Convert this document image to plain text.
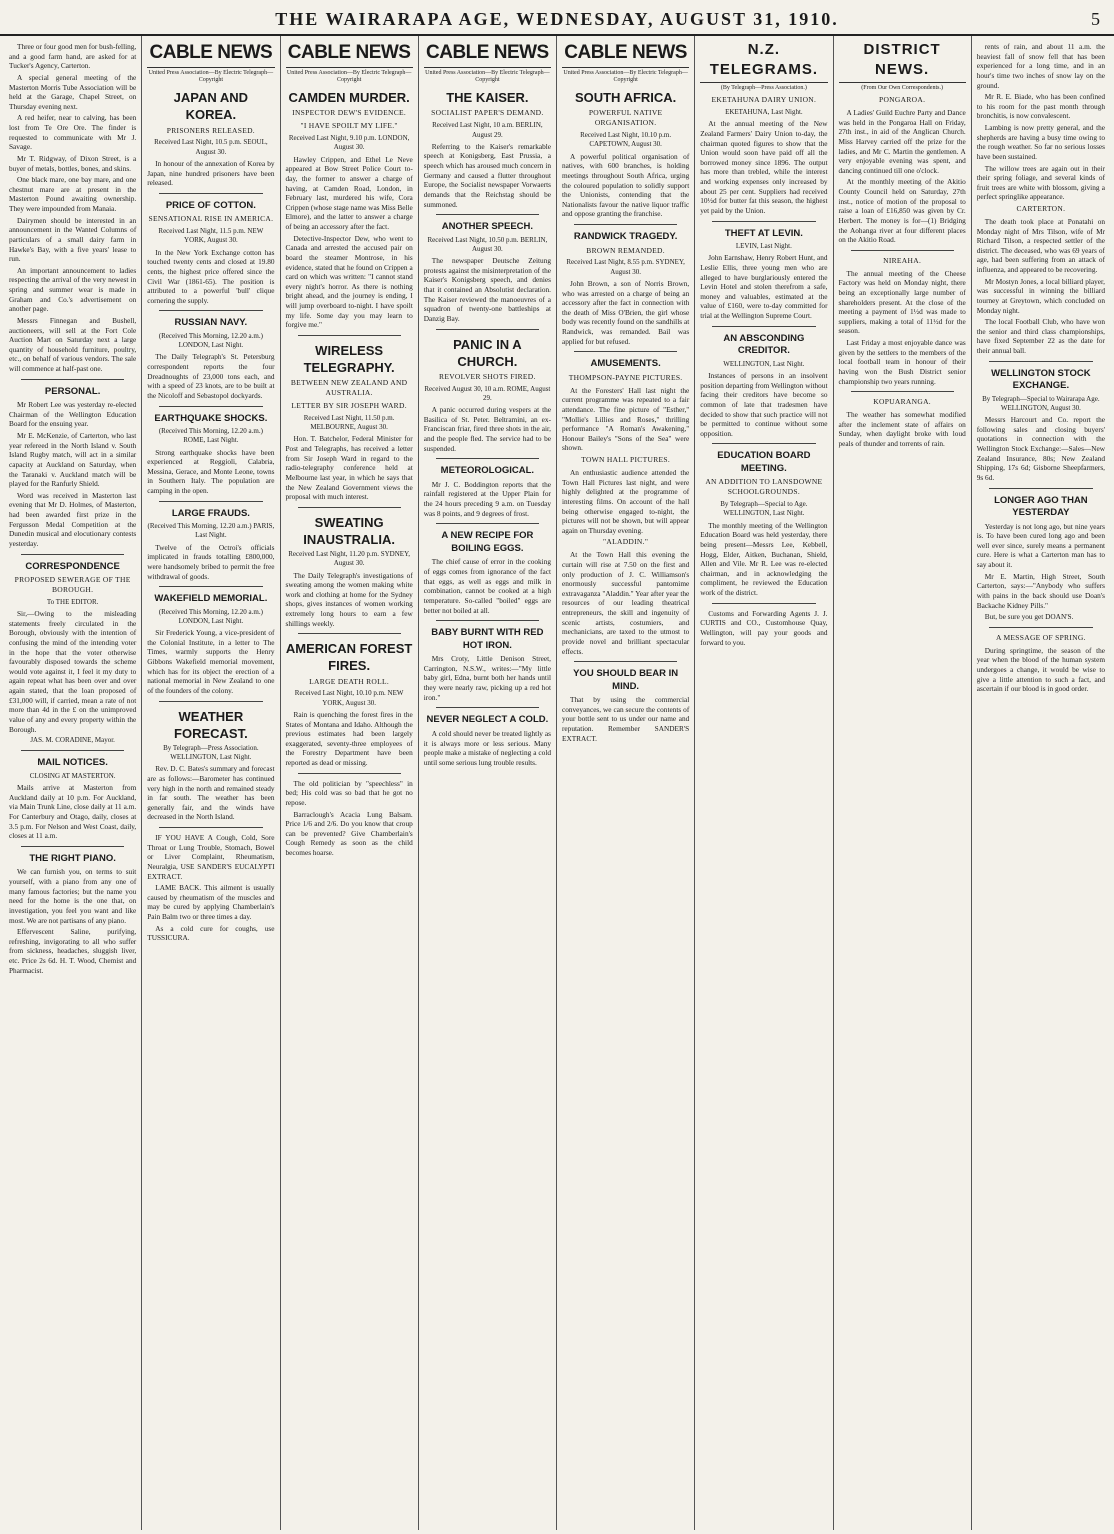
THE WAIRARAPA AGE, WEDNESDAY, AUGUST 31, 1910.	5

Three or four good men for bush-felling, and a good farm hand, are asked for at Tucker's Agency, Carterton.

A special general meeting of the Masterton Morris Tube Association will be held at the Garage, Chapel Street, on Thursday evening next.

A red heifer, near to calving, has been lost from Te Ore Ore. The finder is requested to communicate with Mr J. Savage.

Mr T. Ridgway, of Dixon Street, is a buyer of metals, bottles, bones, and skins.

One black mare, one bay mare, and one chestnut mare are at present in the Masterton Pound awaiting ownership. They were impounded from Manaia.

Dairymen should be interested in an announcement in the Wanted Columns of particulars of a small dairy farm in Hawke's Bay, with a five years' lease to run.

An important announcement to ladies respecting the arrival of the very newest in spring and summer wear is made in Graham and Co.'s advertisement on another page.

Messrs Finnegan and Bushell, auctioneers, will sell at the Fort Cole Auction Mart on Saturday next a large quantity of household furniture, poultry, etc., on behalf of various vendors. The sale will commence at half-past one.

PERSONAL.

Mr Robert Lee was yesterday re-elected Chairman of the Wellington Education Board for the ensuing year.

Mr E. McKenzie, of Carterton, who last year refereed in the North Island v. South Island Rugby match, will act in a similar capacity at Auckland on Saturday, when the Taranaki v. Auckland match will be played for the Ranfurly Shield.

Word was received in Masterton last evening that Mr D. Holmes, of Masterton, had been awarded first prize in the Fergusson Medal Competition at the Dunedin musical and elocutionary contests yesterday.

CORRESPONDENCE
PROPOSED SEWERAGE OF THE BOROUGH.
To THE EDITOR.

Sir,—Owing to the misleading statements freely circulated in the Borough, obviously with the intention of confusing the mind of the intending voter in the hope that the voter otherwise favourably disposed towards the scheme would vote against it, I feel it my duty to again repeat what has been over and over again stated, that the loan proposed of £31,000 will, if carried, mean a rate of not more than 4d in the £ on the unimproved value of any and every property within the Borough.

JAS. M. CORADINE, Mayor.
MAIL NOTICES.
CLOSING AT MASTERTON.

Mails arrive at Masterton from Auckland daily at 10 p.m. For Auckland, via Main Trunk Line, close daily at 11 a.m. For Canterbury and Otago, daily, closes at 3.5 p.m. For Nelson and West Coast, daily, closes at 11 a.m.

THE RIGHT PIANO.

We can furnish you, on terms to suit yourself, with a piano from any one of many famous factories; but the name you need for the home is the one that, on investigation, you feel you want and like most. We are not partisans of any piano.

Effervescent Saline, purifying, refreshing, invigorating to all who suffer from sickness, headaches, sluggish liver, etc. Price 2s 6d. H. T. Wood, Chemist and Pharmacist.

CABLE NEWS
United Press Association—By Electric Telegraph—Copyright
JAPAN AND KOREA.
PRISONERS RELEASED.
Received Last Night, 10.5 p.m. SEOUL, August 30.

In honour of the annexation of Korea by Japan, nine hundred prisoners have been released.

PRICE OF COTTON.
SENSATIONAL RISE IN AMERICA.
Received Last Night, 11.5 p.m. NEW YORK, August 30.

In the New York Exchange cotton has touched twenty cents and closed at 19.80 cents, the highest price offered since the Civil War (1861-65). The position is attributed to a powerful 'bull' clique cornering the supply.

RUSSIAN NAVY.
(Received This Morning, 12.20 a.m.) LONDON, Last Night.

The Daily Telegraph's St. Petersburg correspondent reports the four Dreadnoughts of 23,000 tons each, and with a speed of 23 knots, are to be built at the Nicoloff and Sebastopol dockyards.

EARTHQUAKE SHOCKS.
(Received This Morning, 12.20 a.m.) ROME, Last Night.

Strong earthquake shocks have been experienced at Reggioli, Calabria, Messina, Gerace, and Monte Leone, towns in Southern Italy. The population are camping in the open.

LARGE FRAUDS.
(Received This Morning, 12.20 a.m.) PARIS, Last Night.

Twelve of the Octroi's officials implicated in frauds totalling £800,000, were handsomely bribed to permit the free withdrawal of goods.

WAKEFIELD MEMORIAL.
(Received This Morning, 12.20 a.m.) LONDON, Last Night.

Sir Frederick Young, a vice-president of the Colonial Institute, in a letter to The Times, warmly supports the Henry Gibbons Wakefield memorial movement, which has for its object the erection of a national memorial in New Zealand to one of the founders of the colony.

WEATHER FORECAST.
By Telegraph—Press Association. WELLINGTON, Last Night.

Rev. D. C. Bates's summary and forecast are as follows:—Barometer has continued very high in the north and remained steady in far south. The weather has been generally fair, and the winds have decreased in the North Island.

IF YOU HAVE A Cough, Cold, Sore Throat or Lung Trouble, Stomach, Bowel or Liver Complaint, Rheumatism, Neuralgia, USE SANDER'S EUCALYPTI EXTRACT.

LAME BACK. This ailment is usually caused by rheumatism of the muscles and may be cured by applying Chamberlain's Pain Balm two or three times a day.

As a cold cure for coughs, use TUSSICURA.

CABLE NEWS
United Press Association—By Electric Telegraph—Copyright
CAMDEN MURDER.
INSPECTOR DEW'S EVIDENCE.
"I HAVE SPOILT MY LIFE."
Received Last Night, 9.10 p.m. LONDON, August 30.

Hawley Crippen, and Ethel Le Neve appeared at Bow Street Police Court to-day, the former to answer a charge of having, at Camden Road, London, in February last, murdered his wife, Cora Crippen (whose stage name was Miss Belle Elmore), and the latter to answer a charge of being an accessory after the fact.

Detective-Inspector Dew, who went to Canada and arrested the accused pair on board the steamer Montrose, in his evidence, stated that he found on Crippen a card on which was written: "I cannot stand every night's horror. As there is nothing bright ahead, and the journey is ending, I will jump overboard to-night. I have spoilt my life. Some day you may learn to forgive me."

WIRELESS TELEGRAPHY.
BETWEEN NEW ZEALAND AND AUSTRALIA.
LETTER BY SIR JOSEPH WARD.
Received Last Night, 11.50 p.m. MELBOURNE, August 30.

Hon. T. Batchelor, Federal Minister for Post and Telegraphs, has received a letter from Sir Joseph Ward in regard to the radio-telegraphy conference held at Melbourne last year, in which he says that the New Zealand Government views the proposal with much interest.

SWEATING INAUSTRALIA.
Received Last Night, 11.20 p.m. SYDNEY, August 30.

The Daily Telegraph's investigations of sweating among the women making white work and clothing at home for the Sydney shops, gives instances of women working extremely long hours to earn a few shillings weekly.

AMERICAN FOREST FIRES.
LARGE DEATH ROLL.
Received Last Night, 10.10 p.m. NEW YORK, August 30.

Rain is quenching the forest fires in the States of Montana and Idaho. Although the previous estimates had been largely exaggerated, seventy-three employees of the Forestry Department have been reported as dead or missing.

The old politician by "speechless" in bed; His cold was so bad that he got no repose.

Barraclough's Acacia Lung Balsam. Price 1/6 and 2/6. Do you know that croup can be prevented? Give Chamberlain's Cough Remedy as soon as the child becomes hoarse.

CABLE NEWS
United Press Association—By Electric Telegraph—Copyright
THE KAISER.
SOCIALIST PAPER'S DEMAND.
Received Last Night, 10 a.m. BERLIN, August 29.

Referring to the Kaiser's remarkable speech at Konigsberg, East Prussia, a speech which has aroused much concern in Germany and caused a flutter throughout Europe, the Socialist newspaper Vorwaerts demands that the Reichstag should be summoned.

ANOTHER SPEECH.
Received Last Night, 10.50 p.m. BERLIN, August 30.

The newspaper Deutsche Zeitung protests against the misinterpretation of the Kaiser's Konigsberg speech, and denies that it contained an Absolutist declaration. The Kaiser reviewed the manoeuvres of a squadron of twenty-one battleships at Danzig Bay.

PANIC IN A CHURCH.
REVOLVER SHOTS FIRED.
Received August 30, 10 a.m. ROME, August 29.

A panic occurred during vespers at the Basilica of St. Peter. Beltramini, an ex-Franciscan friar, fired three shots in the air, and the people fled. The service had to be suspended.

METEOROLOGICAL.

Mr J. C. Boddington reports that the rainfall registered at the Upper Plain for the 24 hours preceding 9 a.m. on Tuesday was 8 points, and 9 degrees of frost.

A NEW RECIPE FOR BOILING EGGS.

The chief cause of error in the cooking of eggs comes from ignorance of the fact that eggs, as well as eggs and milk in combination, cannot be cooked at a high temperature. So-called "boiled" eggs are better not boiled at all.

BABY BURNT WITH RED HOT IRON.

Mrs Croty, Little Denison Street, Carrington, N.S.W., writes:—"My little baby girl, Edna, burnt both her hands until they were nearly raw, picking up a red hot iron."

NEVER NEGLECT A COLD.

A cold should never be treated lightly as it is always more or less serious. Many people make a mistake of neglecting a cold until some serious lung trouble results.

CABLE NEWS
United Press Association—By Electric Telegraph—Copyright
SOUTH AFRICA.
POWERFUL NATIVE ORGANISATION.
Received Last Night, 10.10 p.m. CAPETOWN, August 30.

A powerful political organisation of natives, with 600 branches, is holding meetings throughout South Africa, urging the coloured population to solidly support the Unionists, contending that the Nationalists favour the native liquor traffic and oppose granting the franchise.

RANDWICK TRAGEDY.
BROWN REMANDED.
Received Last Night, 8.55 p.m. SYDNEY, August 30.

John Brown, a son of Norris Brown, who was arrested on a charge of being an accessory after the fact in connection with the death of Miss O'Brien, the girl whose body was recently found on the sandhills at Randwick, was remanded. Bail was applied for but refused.

AMUSEMENTS.
THOMPSON-PAYNE PICTURES.

At the Foresters' Hall last night the current programme was repeated to a fair attendance. The fine picture of "Esther," "Mollie's Lillies and Roses," thrilling performance "A Roman's Awakening," Honour Bailey's "Sons of the Sea" were shown.

TOWN HALL PICTURES.

An enthusiastic audience attended the Town Hall Pictures last night, and were highly delighted at the programme of interesting films. On account of the hall being otherwise engaged to-night, the pictures will not be shown, but will appear again on Thursday evening.

"ALADDIN."

At the Town Hall this evening the curtain will rise at 7.50 on the first and only production of J. C. Williamson's enormously successful pantomime extravaganza "Aladdin." Year after year the resources of our leading theatrical entrepreneurs, the skill and ingenuity of scenic artists, costumiers, and mechanicians, are taxed to the utmost to provide novel and brilliant spectacular effects.

YOU SHOULD BEAR IN MIND.

That by using the commercial conveyances, we can secure the contents of your bottle sent to us under our name and reputation. Remember SANDER'S EXTRACT.

N.Z. TELEGRAMS.
(By Telegraph—Press Association.)
EKETAHUNA DAIRY UNION.
EKETAHUNA, Last Night.

At the annual meeting of the New Zealand Farmers' Dairy Union to-day, the chairman quoted figures to show that the Union would soon have paid off all the borrowed money since 1896. The output has more than trebled, while the interest and working expenses only increased by about 25 per cent. Suppliers had received 10½d for butter fat this season, the highest yet paid by the Union.

THEFT AT LEVIN.
LEVIN, Last Night.

John Earnshaw, Henry Robert Hunt, and Leslie Ellis, three young men who are alleged to have burglariously entered the Levin Hotel and stolen therefrom a safe, money and valuables, estimated at the value of £160, were to-day committed for trial at the Wellington Supreme Court.

AN ABSCONDING CREDITOR.
WELLINGTON, Last Night.

Instances of persons in an insolvent position departing from Wellington without facing their creditors have become so common of late that tradesmen have decided to show that such practice will not be permitted to continue without some opposition.

EDUCATION BOARD MEETING.
AN ADDITION TO LANSDOWNE SCHOOLGROUNDS.
By Telegraph—Special to Age. WELLINGTON, Last Night.

The monthly meeting of the Wellington Education Board was held yesterday, there being present—Messrs Lee, Kebbell, Hogg, Elder, Aitken, Buchanan, Shield, Allen and Vile. Mr R. Lee was re-elected chairman, and in acknowledging the compliment, he reviewed the Education work of the district.

Customs and Forwarding Agents J. J. CURTIS and CO., Customhouse Quay, Wellington, will pay your goods and forward to you.

DISTRICT NEWS.
(From Our Own Correspondents.)
PONGAROA.

A Ladies' Guild Euchre Party and Dance was held in the Pongaroa Hall on Friday, 27th inst., in aid of the Anglican Church. Miss Harvey carried off the prize for the ladies, and Mr C. Martin the gentlemen. A very enjoyable evening was spent, and dancing continued till one o'clock.

At the monthly meeting of the Akitio County Council held on Saturday, 27th inst., notice of motion of the proposal to raise a loan of £16,850 was given by Cr. Herbert. The money is for—(1) Bridging the Aohanga river at four different places on the Akitio Road.

NIREAHA.

The annual meeting of the Cheese Factory was held on Monday night, there being an exceptionally large number of shareholders present. At the close of the meeting a payment of 1½d was made to suppliers, making a total of 11½d for the season.

Last Friday a most enjoyable dance was given by the settlers to the members of the local football team in honour of their having won the Bush District senior championship two years running.

KOPUARANGA.

The weather has somewhat modified after the inclement state of affairs on Sunday, when daylight broke with loud peals of thunder and torrents of rain.

rents of rain, and about 11 a.m. the heaviest fall of snow fell that has been experienced for a long time, and in an hour's time two inches of snow lay on the ground.

Mr R. E. Biade, who has been confined to his room for the past month through bronchitis, is now convalescent.

Lambing is now pretty general, and the shepherds are having a busy time owing to the rough weather. So far no serious losses have been sustained.

The willow trees are again out in their their spring foliage, and several kinds of fruit trees are white with blossom, giving a perfect springlike appearance.

CARTERTON.

The death took place at Ponatahi on Monday night of Mrs Tilson, wife of Mr Richard Tilson, a respected settler of the district. The deceased, who was 69 years of age, had been suffering from an attack of influenza, and appeared to be recovering.

Mr Mostyn Jones, a local billiard player, was successful in winning the billiard tourney at Greytown, which concluded on Monday night.

The local Football Club, who have won the senior and third class championships, have fixed September 22 as the date for their annual ball.

WELLINGTON STOCK EXCHANGE.
By Telegraph—Special to Wairarapa Age. WELLINGTON, August 30.

Messrs Harcourt and Co. report the following sales and closing buyers' quotations in connection with the Wellington Stock Exchange:—Sales—New Zealand Insurance, 80s; New Zealand Shipping, 17s 6d; Gisborne Sheepfarmers, 9s 6d.

LONGER AGO THAN YESTERDAY

Yesterday is not long ago, but nine years is. To have been cured long ago and been well ever since, surely means a permanent cure. Here is what a Carterton man has to say about it.

Mr E. Martin, High Street, South Carterton, says:—"Anybody who suffers with pains in the back should use Doan's Backache Kidney Pills."

But, be sure you get DOAN'S.

A MESSAGE OF SPRING.

During springtime, the season of the year when the blood of the human system undergoes a change, it would be wise to give a little attention to such a fact, and ascertain if our blood is in good order.
